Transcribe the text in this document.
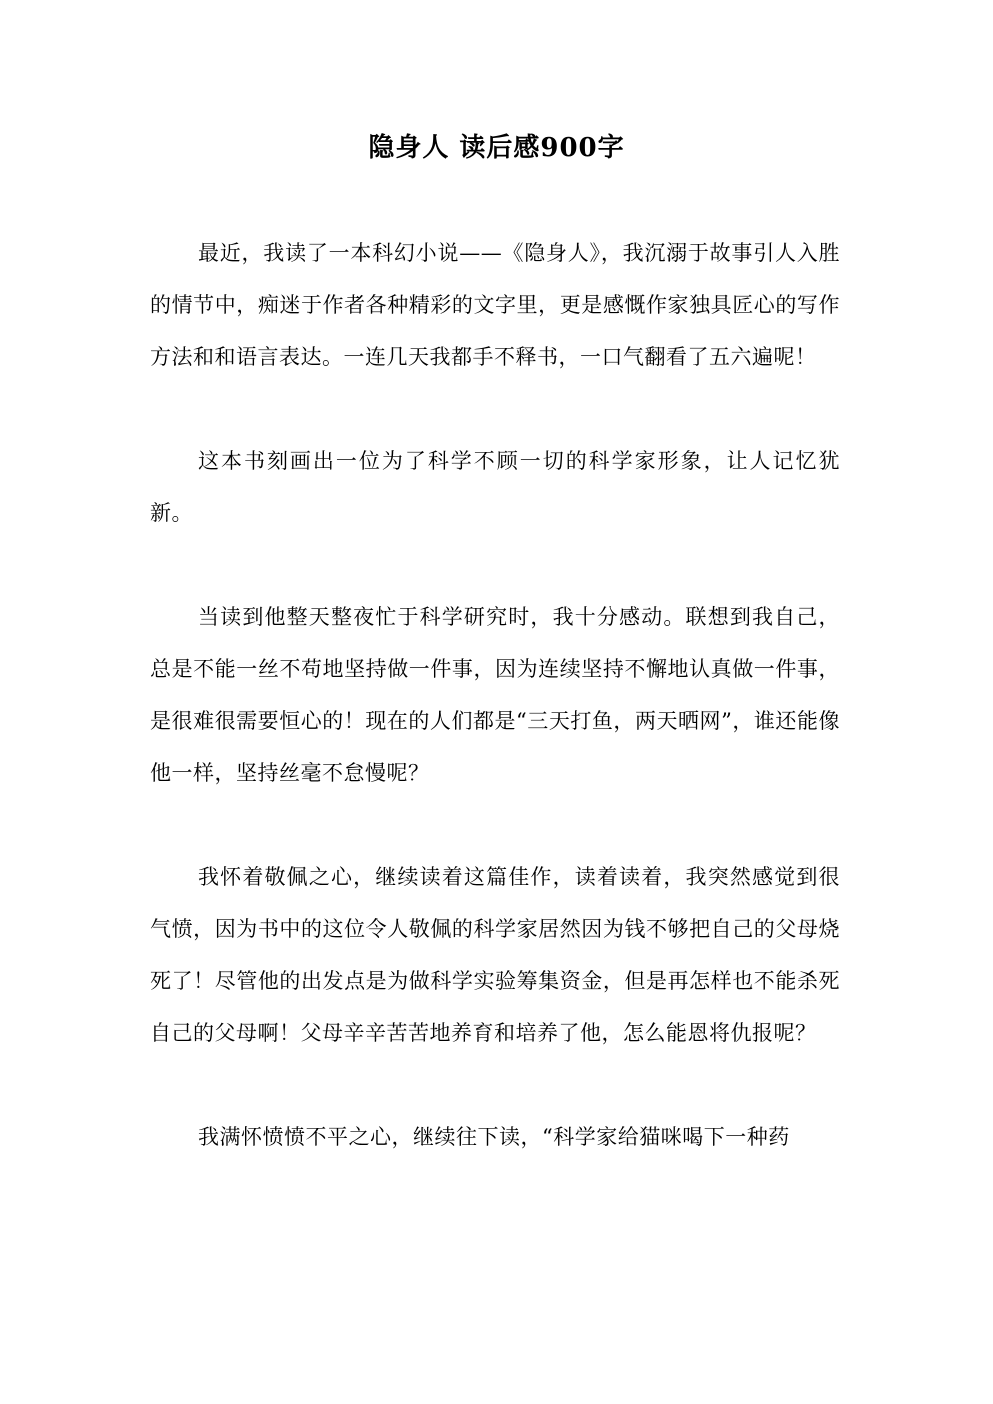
隐身人 读后感900字

最近，我读了一本科幻小说——《隐身人》，我沉溺于故事引人入胜的情节中，痴迷于作者各种精彩的文字里，更是感慨作家独具匠心的写作方法和和语言表达。一连几天我都手不释书，一口气翻看了五六遍呢！

这本书刻画出一位为了科学不顾一切的科学家形象，让人记忆犹新。

当读到他整天整夜忙于科学研究时，我十分感动。联想到我自己，总是不能一丝不苟地坚持做一件事，因为连续坚持不懈地认真做一件事，是很难很需要恒心的！现在的人们都是“三天打鱼，两天晒网”，谁还能像他一样，坚持丝毫不怠慢呢？

我怀着敬佩之心，继续读着这篇佳作，读着读着，我突然感觉到很气愤，因为书中的这位令人敬佩的科学家居然因为钱不够把自己的父母烧死了！尽管他的出发点是为做科学实验筹集资金，但是再怎样也不能杀死自己的父母啊！父母辛辛苦苦地养育和培养了他，怎么能恩将仇报呢？

我满怀愤愤不平之心，继续往下读，“科学家给猫咪喝下一种药
